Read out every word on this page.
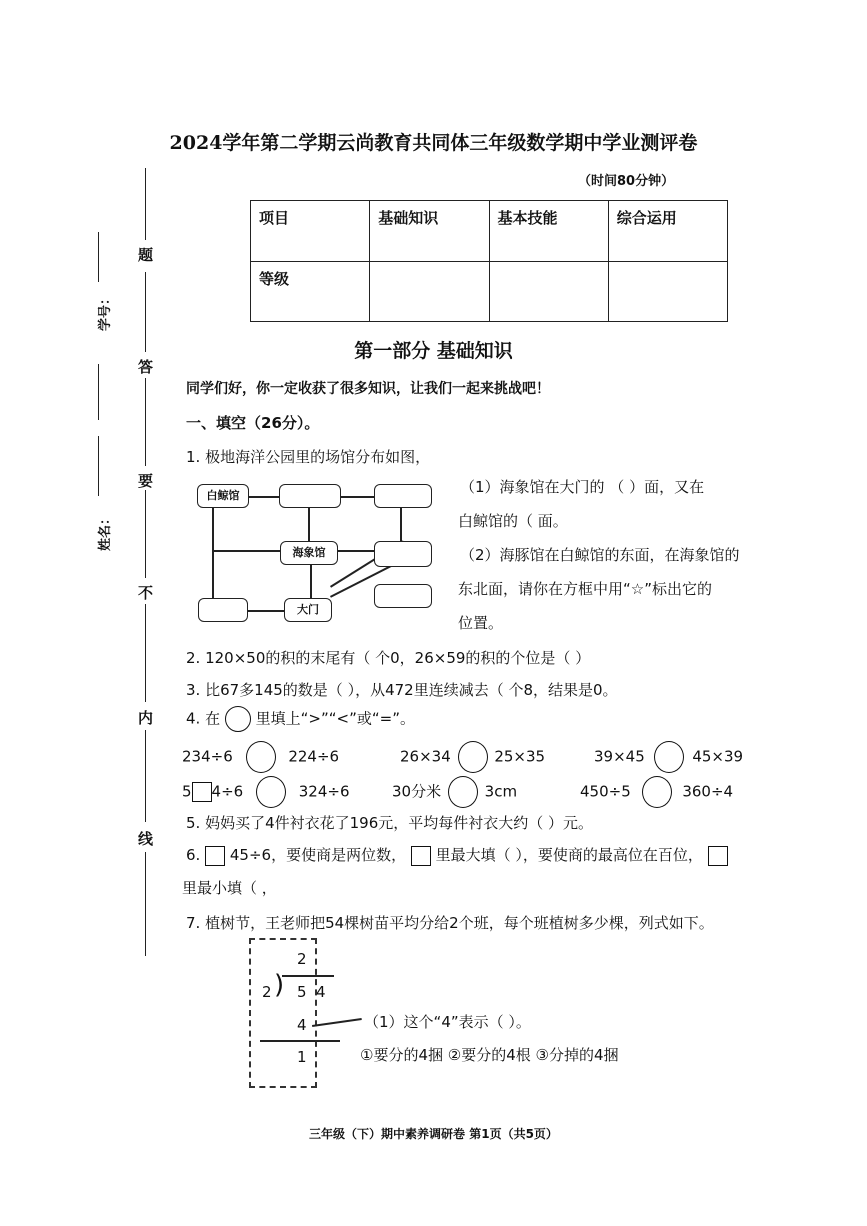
题
答
要
不
内
线
学号：
姓名：
2024学年第二学期云尚教育共同体三年级数学期中学业测评卷
（时间80分钟）
项目	基础知识	基本技能	综合运用
等级			
第一部分 基础知识
同学们好，你一定收获了很多知识，让我们一起来挑战吧！
一、填空（26分）。
1. 极地海洋公园里的场馆分布如图，
白鲸馆
海象馆
大门
（1）海象馆在大门的 （ ）面，又在
白鲸馆的（ 面。
（2）海豚馆在白鲸馆的东面，在海象馆的
东北面，请你在方框中用“☆”标出它的
位置。
2. 120×50的积的末尾有（ 个0，26×59的积的个位是（ ）
3. 比67多145的数是（ ），从472里连续减去（ 个8，结果是0。
4. 在 里填上“>”“<”或“=”。
234÷6	224÷6	26×34	25×35	39×45	45×39
5 4÷6	324÷6	30分米	3cm	450÷5	360÷4
5. 妈妈买了4件衬衣花了196元，平均每件衬衣大约（ ）元。
6. 45÷6，要使商是两位数， 里最大填（ ），要使商的最高位在百位，
里最小填（ ，
7. 植树节，王老师把54棵树苗平均分给2个班，每个班植树多少棵，列式如下。
2
2 ) 5 4
4
1
（1）这个“4”表示（ ）。
①要分的4捆 ②要分的4根 ③分掉的4捆
三年级（下）期中素养调研卷 第1页（共5页）
